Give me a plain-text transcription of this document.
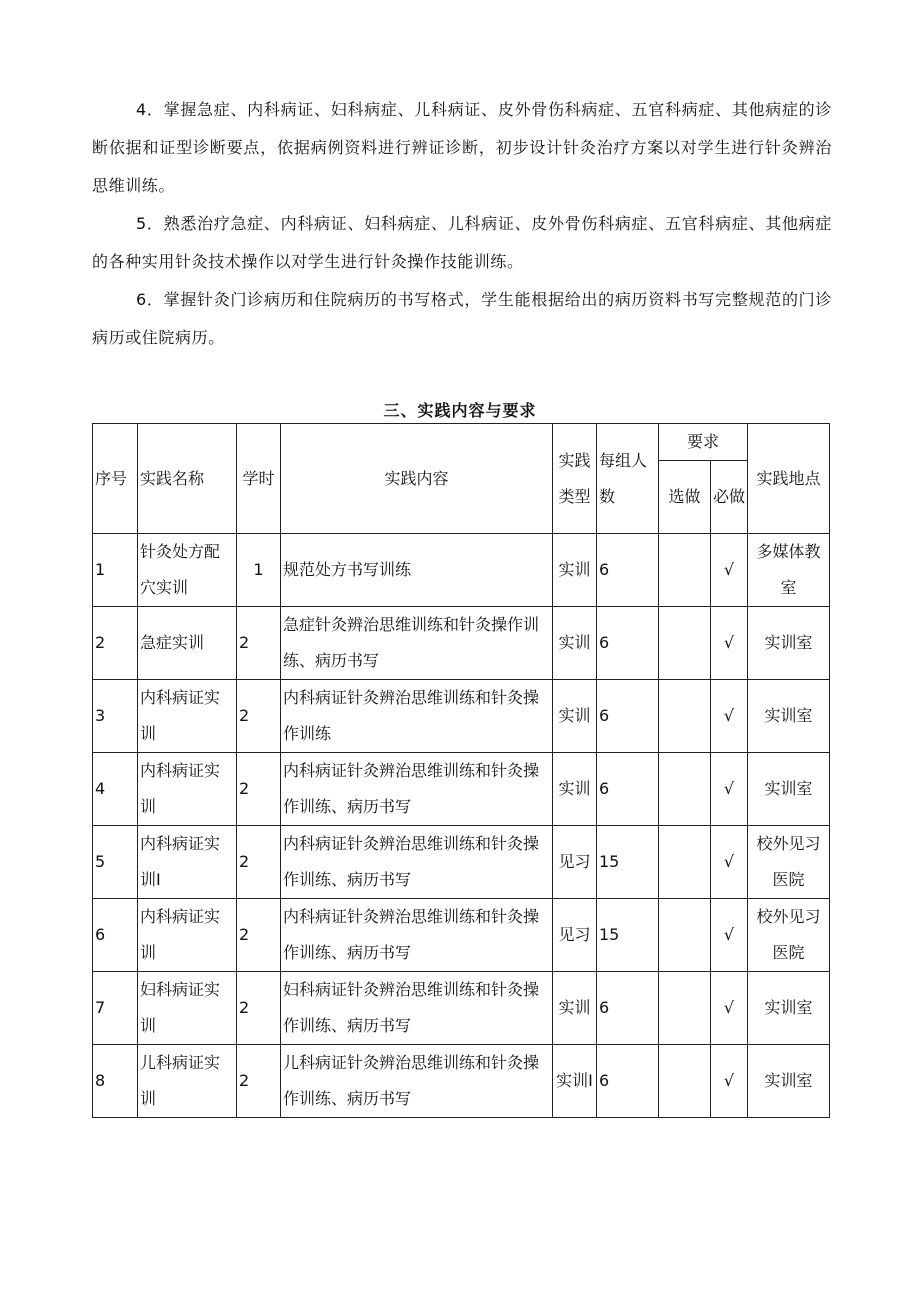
4．掌握急症、内科病证、妇科病症、儿科病证、皮外骨伤科病症、五官科病症、其他病症的诊断依据和证型诊断要点，依据病例资料进行辨证诊断，初步设计针灸治疗方案以对学生进行针灸辨治思维训练。

5．熟悉治疗急症、内科病证、妇科病症、儿科病证、皮外骨伤科病症、五官科病症、其他病症的各种实用针灸技术操作以对学生进行针灸操作技能训练。

6．掌握针灸门诊病历和住院病历的书写格式，学生能根据给出的病历资料书写完整规范的门诊病历或住院病历。

三、实践内容与要求
序号	实践名称	学时	实践内容	实践类型	每组人数	要求		实践地点
						选做	必做	
1	针灸处方配穴实训	1	规范处方书写训练	实训	6		√	多媒体教室
2	急症实训	2	急症针灸辨治思维训练和针灸操作训练、病历书写	实训	6		√	实训室
3	内科病证实训	2	内科病证针灸辨治思维训练和针灸操作训练	实训	6		√	实训室
4	内科病证实训	2	内科病证针灸辨治思维训练和针灸操作训练、病历书写	实训	6		√	实训室
5	内科病证实训I	2	内科病证针灸辨治思维训练和针灸操作训练、病历书写	见习	15		√	校外见习医院
6	内科病证实训	2	内科病证针灸辨治思维训练和针灸操作训练、病历书写	见习	15		√	校外见习医院
7	妇科病证实训	2	妇科病证针灸辨治思维训练和针灸操作训练、病历书写	实训	6		√	实训室
8	儿科病证实训	2	儿科病证针灸辨治思维训练和针灸操作训练、病历书写	实训I	6		√	实训室
